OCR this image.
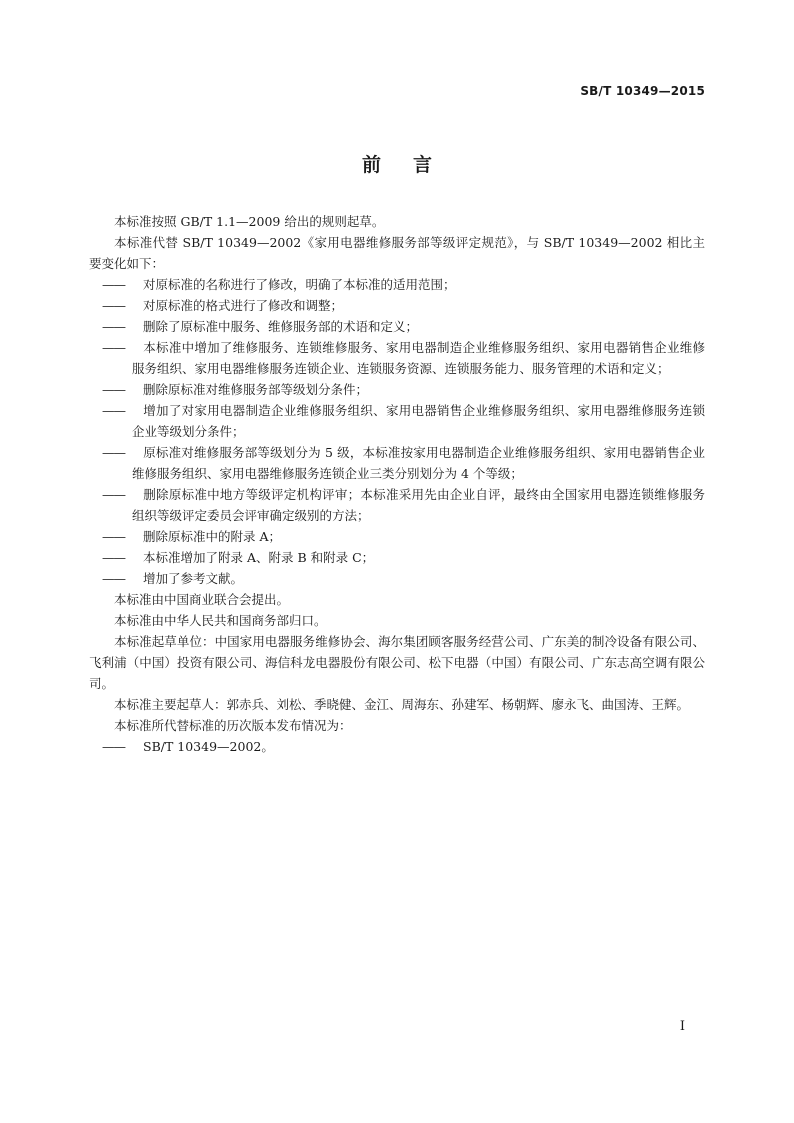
SB/T 10349—2015
前言

本标准按照 GB/T 1.1—2009 给出的规则起草。

本标准代替 SB/T 10349—2002《家用电器维修服务部等级评定规范》，与 SB/T 10349—2002 相比主要变化如下：

—— 对原标准的名称进行了修改，明确了本标准的适用范围；

—— 对原标准的格式进行了修改和调整；

—— 删除了原标准中服务、维修服务部的术语和定义；

—— 本标准中增加了维修服务、连锁维修服务、家用电器制造企业维修服务组织、家用电器销售企业维修服务组织、家用电器维修服务连锁企业、连锁服务资源、连锁服务能力、服务管理的术语和定义；

—— 删除原标准对维修服务部等级划分条件；

—— 增加了对家用电器制造企业维修服务组织、家用电器销售企业维修服务组织、家用电器维修服务连锁企业等级划分条件；

—— 原标准对维修服务部等级划分为 5 级，本标准按家用电器制造企业维修服务组织、家用电器销售企业维修服务组织、家用电器维修服务连锁企业三类分别划分为 4 个等级；

—— 删除原标准中地方等级评定机构评审；本标准采用先由企业自评，最终由全国家用电器连锁维修服务组织等级评定委员会评审确定级别的方法；

—— 删除原标准中的附录 A；

—— 本标准增加了附录 A、附录 B 和附录 C；

—— 增加了参考文献。

本标准由中国商业联合会提出。

本标准由中华人民共和国商务部归口。

本标准起草单位：中国家用电器服务维修协会、海尔集团顾客服务经营公司、广东美的制冷设备有限公司、飞利浦（中国）投资有限公司、海信科龙电器股份有限公司、松下电器（中国）有限公司、广东志高空调有限公司。

本标准主要起草人：郭赤兵、刘松、季晓健、金江、周海东、孙建军、杨朝辉、廖永飞、曲国涛、王辉。

本标准所代替标准的历次版本发布情况为：

—— SB/T 10349—2002。

I
